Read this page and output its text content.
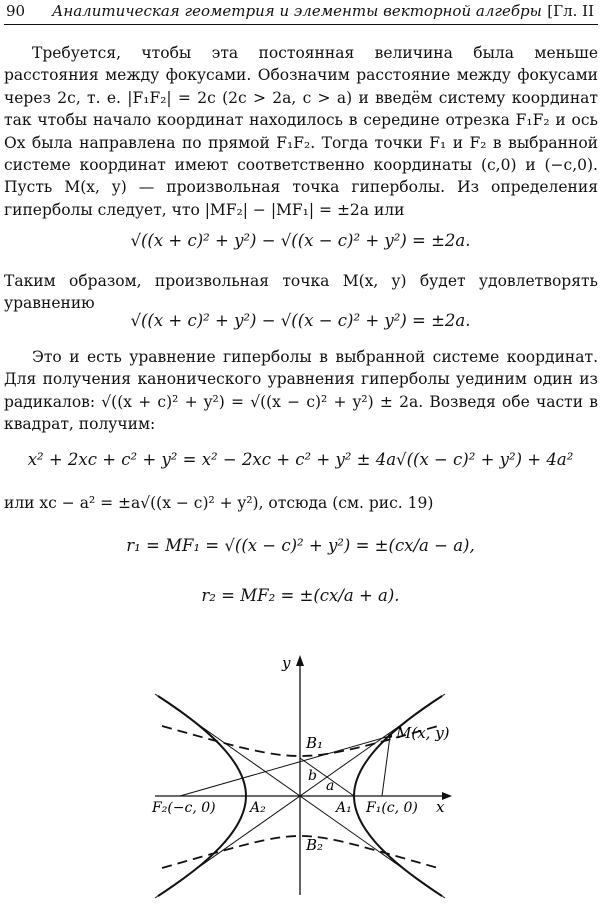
90 Аналитическая геометрия и элементы векторной алгебры [Гл. II

Требуется, чтобы эта постоянная величина была меньше расстояния между фокусами. Обозначим расстояние между фокусами через 2c, т. е. |F₁F₂| = 2c (2c > 2a, c > a) и введём систему координат так чтобы начало координат находилось в середине отрезка F₁F₂ и ось Ox была направлена по прямой F₁F₂. Тогда точки F₁ и F₂ в выбранной системе координат имеют соответственно координаты (c,0) и (−c,0). Пусть M(x, y) — произвольная точка гиперболы. Из определения гиперболы следует, что |MF₂| − |MF₁| = ±2a или

√((x + c)² + y²) − √((x − c)² + y²) = ±2a.

Таким образом, произвольная точка M(x, y) будет удовлетворять уравнению

√((x + c)² + y²) − √((x − c)² + y²) = ±2a.

Это и есть уравнение гиперболы в выбранной системе координат. Для получения канонического уравнения гиперболы уединим один из радикалов: √((x + c)² + y²) = √((x − c)² + y²) ± 2a. Возведя обе части в квадрат, получим:

x² + 2xc + c² + y² = x² − 2xc + c² + y² ± 4a√((x − c)² + y²) + 4a²

или xc − a² = ±a√((x − c)² + y²), отсюда (см. рис. 19)

r₁ = MF₁ = √((x − c)² + y²) = ±(cx/a − a),
r₂ = MF₂ = ±(cx/a + a).
y
x
B₁
B₂
M(x, y)
b
a
F₂(−c, 0) A₂	A₁ F₁(c, 0)
